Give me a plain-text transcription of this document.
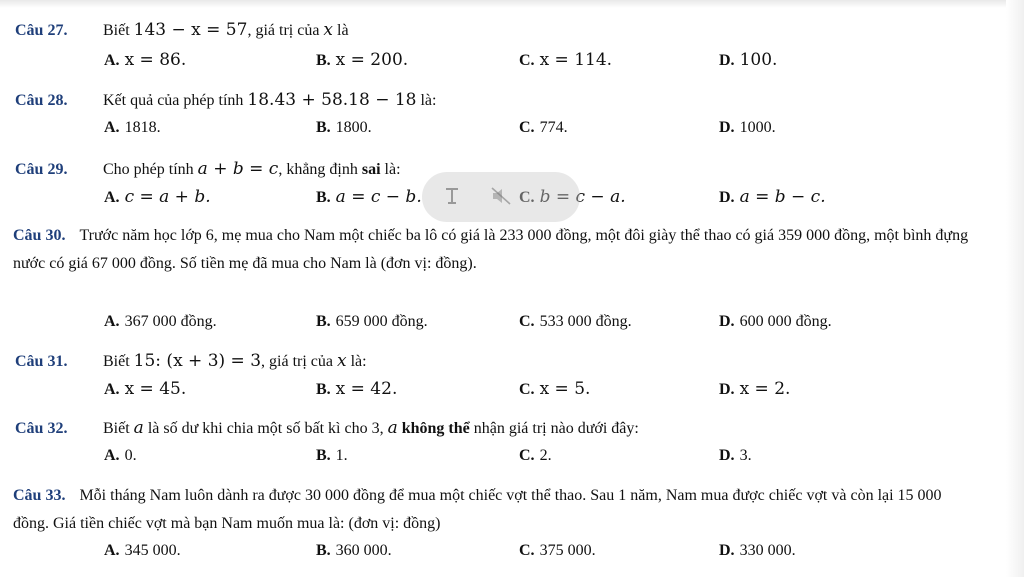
Câu 27. Biết 143 − x = 57, giá trị của x là
A. x = 86.	B. x = 200.	C. x = 114.	D. 100.
Câu 28. Kết quả của phép tính 18.43 + 58.18 − 18 là:
A. 1818.	B. 1800.	C. 774.	D. 1000.
Câu 29. Cho phép tính a + b = c, khẳng định sai là:
A. c = a + b.	B. a = c − b.	C. b = c − a.	D. a = b − c.
Câu 30. Trước năm học lớp 6, mẹ mua cho Nam một chiếc ba lô có giá là 233 000 đồng, một đôi giày thể thao có giá 359 000 đồng, một bình đựng nước có giá 67 000 đồng. Số tiền mẹ đã mua cho Nam là (đơn vị: đồng).
A. 367 000 đồng.	B. 659 000 đồng.	C. 533 000 đồng.	D. 600 000 đồng.
Câu 31. Biết 15: (x + 3) = 3, giá trị của x là:
A. x = 45.	B. x = 42.	C. x = 5.	D. x = 2.
Câu 32. Biết a là số dư khi chia một số bất kì cho 3, a không thể nhận giá trị nào dưới đây:
A. 0.	B. 1.	C. 2.	D. 3.
Câu 33. Mỗi tháng Nam luôn dành ra được 30 000 đồng để mua một chiếc vợt thể thao. Sau 1 năm, Nam mua được chiếc vợt và còn lại 15 000 đồng. Giá tiền chiếc vợt mà bạn Nam muốn mua là: (đơn vị: đồng)
A. 345 000.	B. 360 000.	C. 375 000.	D. 330 000.
